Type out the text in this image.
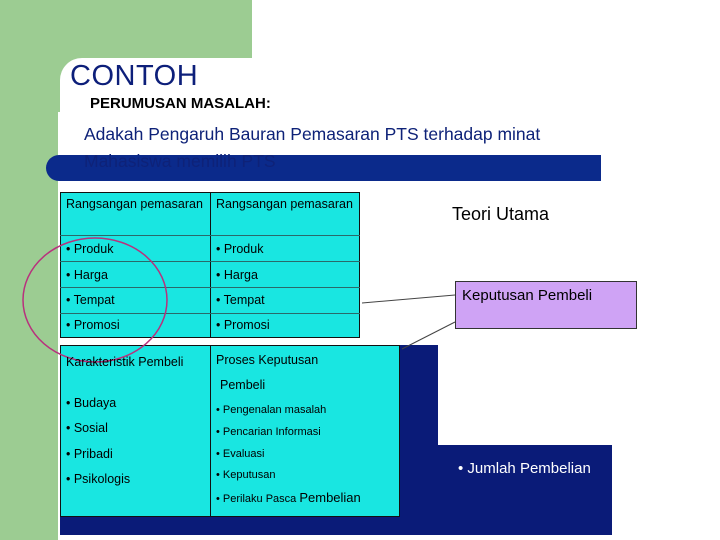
CONTOH
PERUMUSAN MASALAH:
Adakah Pengaruh Bauran Pemasaran PTS terhadap minat
Mahasiswa memilih PTS
Rangsangan pemasaran
• Produk
• Harga
• Tempat
• Promosi
Rangsangan pemasaran
• Produk
• Harga
• Tempat
• Promosi
Karakteristik Pembeli
• Budaya
• Sosial
• Pribadi
• Psikologis
Proses Keputusan
Pembeli
• Pengenalan masalah
• Pencarian Informasi
• Evaluasi
• Keputusan
• Perilaku Pasca Pembelian
Teori Utama
Keputusan Pembeli
• Pilihan Produk
• Pilihan Merk
• Pilihan Penyalur
• Pilihan Waktu
• Jumlah Pembelian
